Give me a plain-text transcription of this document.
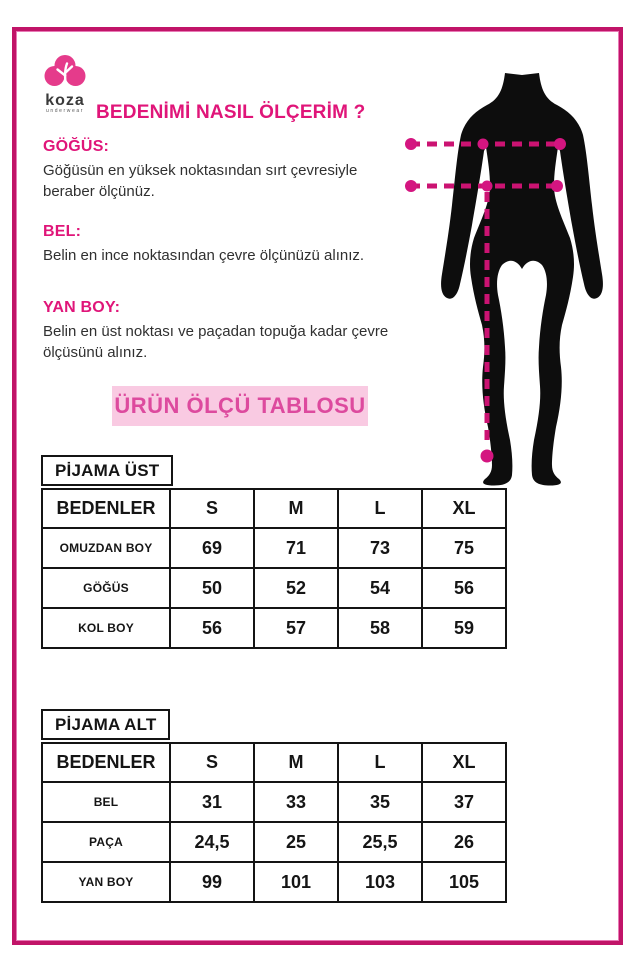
koza
underwear BEDENİMİ NASIL ÖLÇERİM ?
GÖĞÜS:

Göğüsün en yüksek noktasından sırt çevresiyle beraber ölçünüz.

BEL:

Belin en ince noktasından çevre ölçünüzü alınız.

YAN BOY:

Belin en üst noktası ve paçadan topuğa kadar çevre ölçüsünü alınız.

ÜRÜN ÖLÇÜ TABLOSU
PİJAMA ÜST
BEDENLER	S	M	L	XL
OMUZDAN BOY	69	71	73	75
GÖĞÜS	50	52	54	56
KOL BOY	56	57	58	59
PİJAMA ALT
BEDENLER	S	M	L	XL
BEL	31	33	35	37
PAÇA	24,5	25	25,5	26
YAN BOY	99	101	103	105
